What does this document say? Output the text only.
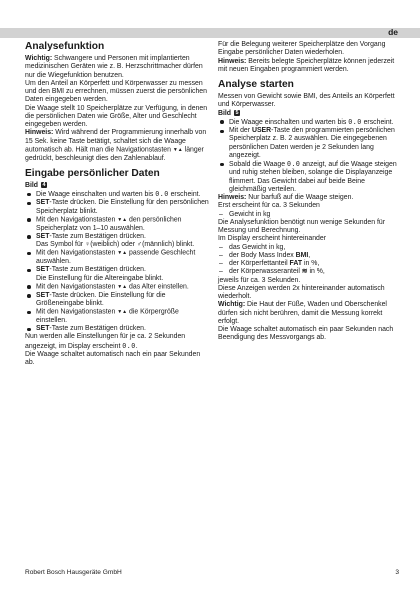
de
Analysefunktion

Wichtig: Schwangere und Personen mit implantierten medizinischen Geräten wie z. B. Herzschrittmacher dürfen nur die Wiegefunktion benutzen.

Um den Anteil an Körperfett und Körperwasser zu messen und den BMI zu errechnen, müssen zuerst die persönlichen Daten eingegeben werden.

Die Waage stellt 10 Speicherplätze zur Verfügung, in denen die persönlichen Daten wie Größe, Alter und Geschlecht eingegeben werden.

Hinweis: Wird während der Programmierung innerhalb von 15 Sek. keine Taste betätigt, schaltet sich die Waage automatisch ab. Hält man die Navigationstasten ▼▲ länger gedrückt, beschleunigt dies den Zahlenablauf.

Eingabe persönlicher Daten

Bild 4

Die Waage einschalten und warten bis 0.0 erscheint.
SET-Taste drücken. Die Einstellung für den persönlichen Speicherplatz blinkt.
Mit den Navigationstasten ▼▲ den persönlichen Speicherplatz von 1–10 auswählen.
SET-Taste zum Bestätigen drücken.
Das Symbol für ♀(weiblich) oder ♂(männlich) blinkt.
Mit den Navigationstasten ▼▲ passende Geschlecht auswählen.
SET-Taste zum Bestätigen drücken.
Die Einstellung für die Altereingabe blinkt.
Mit den Navigationstasten ▼▲ das Alter einstellen.
SET-Taste drücken. Die Einstellung für die Größeneingabe blinkt.
Mit den Navigationstasten ▼▲ die Körpergröße einstellen.
SET-Taste zum Bestätigen drücken.

Nun werden alle Einstellungen für je ca. 2 Sekunden angezeigt, im Display erscheint 0.0.

Die Waage schaltet automatisch nach ein paar Sekunden ab.

Für die Belegung weiterer Speicherplätze den Vorgang Eingabe persönlicher Daten wiederholen.

Hinweis: Bereits belegte Speicherplätze können jederzeit mit neuen Eingaben programmiert werden.

Analyse starten

Messen von Gewicht sowie BMI, des Anteils an Körperfett und Körperwasser.

Bild 5

Die Waage einschalten und warten bis 0.0 erscheint.
Mit der USER-Taste den programmierten persönlichen Speicherplatz z. B. 2 auswählen. Die eingegebenen persönlichen Daten werden je 2 Sekunden lang angezeigt.
Sobald die Waage 0.0 anzeigt, auf die Waage steigen und ruhig stehen bleiben, solange die Displayanzeige flimmert. Das Gewicht dabei auf beide Beine gleichmäßig verteilen.

Hinweis: Nur barfuß auf die Waage steigen.

Erst erscheint für ca. 3 Sekunden

– Gewicht in kg

Die Analysefunktion benötigt nun wenige Sekunden für Messung und Berechnung.

Im Display erscheint hintereinander

– das Gewicht in kg,
– der Body Mass Index BMI,
– der Körperfettanteil FAT in %,
– der Körperwasseranteil ≋ in %,

jeweils für ca. 3 Sekunden.

Diese Anzeigen werden 2x hintereinander automatisch wiederholt.

Wichtig: Die Haut der Füße, Waden und Oberschenkel dürfen sich nicht berühren, damit die Messung korrekt erfolgt.

Die Waage schaltet automatisch ein paar Sekunden nach Beendigung des Messvorgangs ab.

Robert Bosch Hausgeräte GmbH	3
